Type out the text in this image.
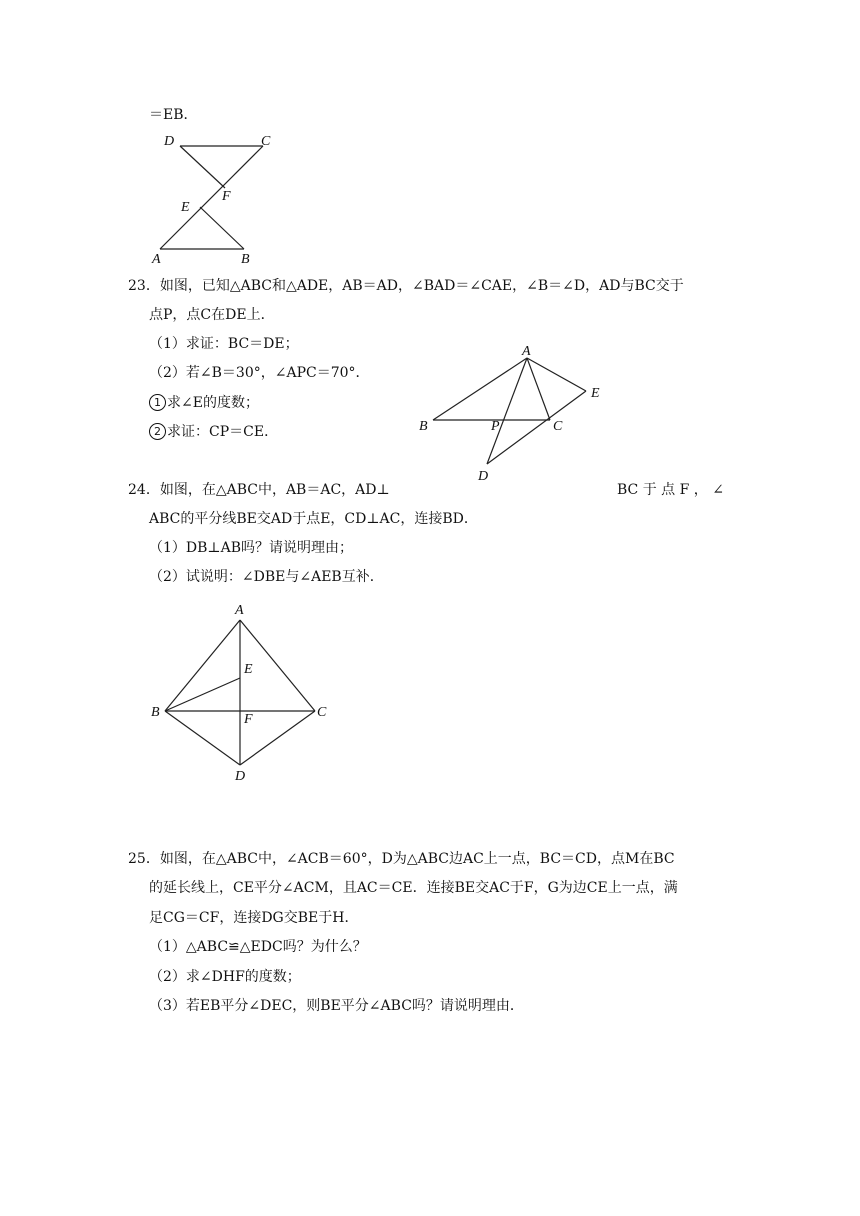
＝EB．
D	C
F
E
A	B
23．如图，已知△ABC和△ADE，AB＝AD，∠BAD＝∠CAE，∠B＝∠D，AD与BC交于
点P，点C在DE上．
（1）求证：BC＝DE；
（2）若∠B＝30°，∠APC＝70°．
1 求∠E的度数；
2 求证：CP＝CE．
A
E
B	P	C
D
24．如图，在△ABC中，AB＝AC，AD⊥	BC 于 点 F ， ∠
ABC的平分线BE交AD于点E，CD⊥AC，连接BD．
（1）DB⊥AB吗？请说明理由；
（2）试说明：∠DBE与∠AEB互补．
A
E
B	F	C
D
25．如图，在△ABC中，∠ACB＝60°，D为△ABC边AC上一点，BC＝CD，点M在BC
的延长线上，CE平分∠ACM，且AC＝CE．连接BE交AC于F，G为边CE上一点，满
足CG＝CF，连接DG交BE于H．
（1）△ABC≌△EDC吗？为什么？
（2）求∠DHF的度数；
（3）若EB平分∠DEC，则BE平分∠ABC吗？请说明理由．
